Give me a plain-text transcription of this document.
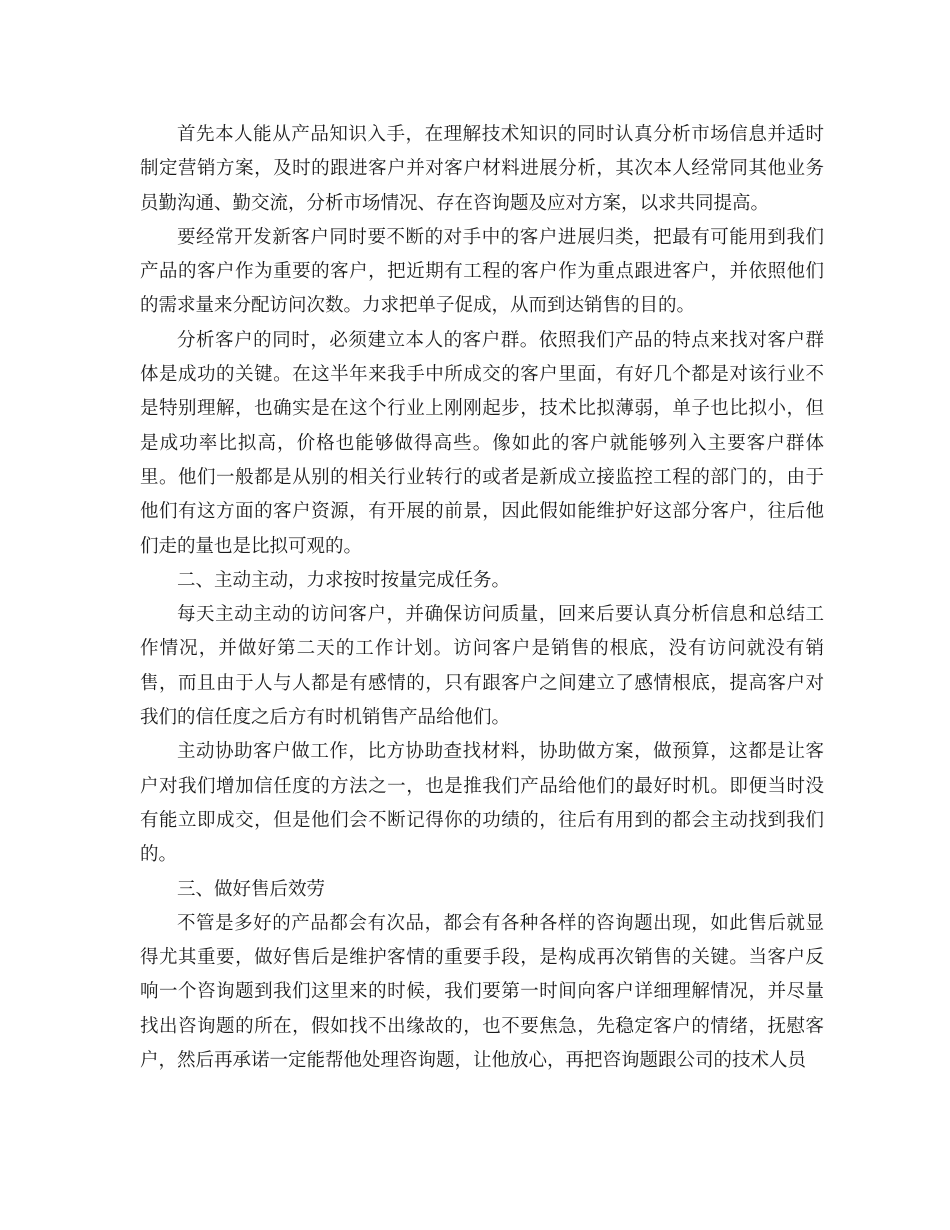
首先本人能从产品知识入手，在理解技术知识的同时认真分析市场信息并适时制定营销方案，及时的跟进客户并对客户材料进展分析，其次本人经常同其他业务员勤沟通、勤交流，分析市场情况、存在咨询题及应对方案，以求共同提高。

要经常开发新客户同时要不断的对手中的客户进展归类，把最有可能用到我们产品的客户作为重要的客户，把近期有工程的客户作为重点跟进客户，并依照他们的需求量来分配访问次数。力求把单子促成，从而到达销售的目的。

分析客户的同时，必须建立本人的客户群。依照我们产品的特点来找对客户群体是成功的关键。在这半年来我手中所成交的客户里面，有好几个都是对该行业不是特别理解，也确实是在这个行业上刚刚起步，技术比拟薄弱，单子也比拟小，但是成功率比拟高，价格也能够做得高些。像如此的客户就能够列入主要客户群体里。他们一般都是从别的相关行业转行的或者是新成立接监控工程的部门的，由于他们有这方面的客户资源，有开展的前景，因此假如能维护好这部分客户，往后他们走的量也是比拟可观的。

二、主动主动，力求按时按量完成任务。

每天主动主动的访问客户，并确保访问质量，回来后要认真分析信息和总结工作情况，并做好第二天的工作计划。访问客户是销售的根底，没有访问就没有销售，而且由于人与人都是有感情的，只有跟客户之间建立了感情根底，提高客户对我们的信任度之后方有时机销售产品给他们。

主动协助客户做工作，比方协助查找材料，协助做方案，做预算，这都是让客户对我们增加信任度的方法之一，也是推我们产品给他们的最好时机。即便当时没有能立即成交，但是他们会不断记得你的功绩的，往后有用到的都会主动找到我们的。

三、做好售后效劳

不管是多好的产品都会有次品，都会有各种各样的咨询题出现，如此售后就显得尤其重要，做好售后是维护客情的重要手段，是构成再次销售的关键。当客户反响一个咨询题到我们这里来的时候，我们要第一时间向客户详细理解情况，并尽量找出咨询题的所在，假如找不出缘故的，也不要焦急，先稳定客户的情绪，抚慰客户，然后再承诺一定能帮他处理咨询题，让他放心，再把咨询题跟公司的技术人员
